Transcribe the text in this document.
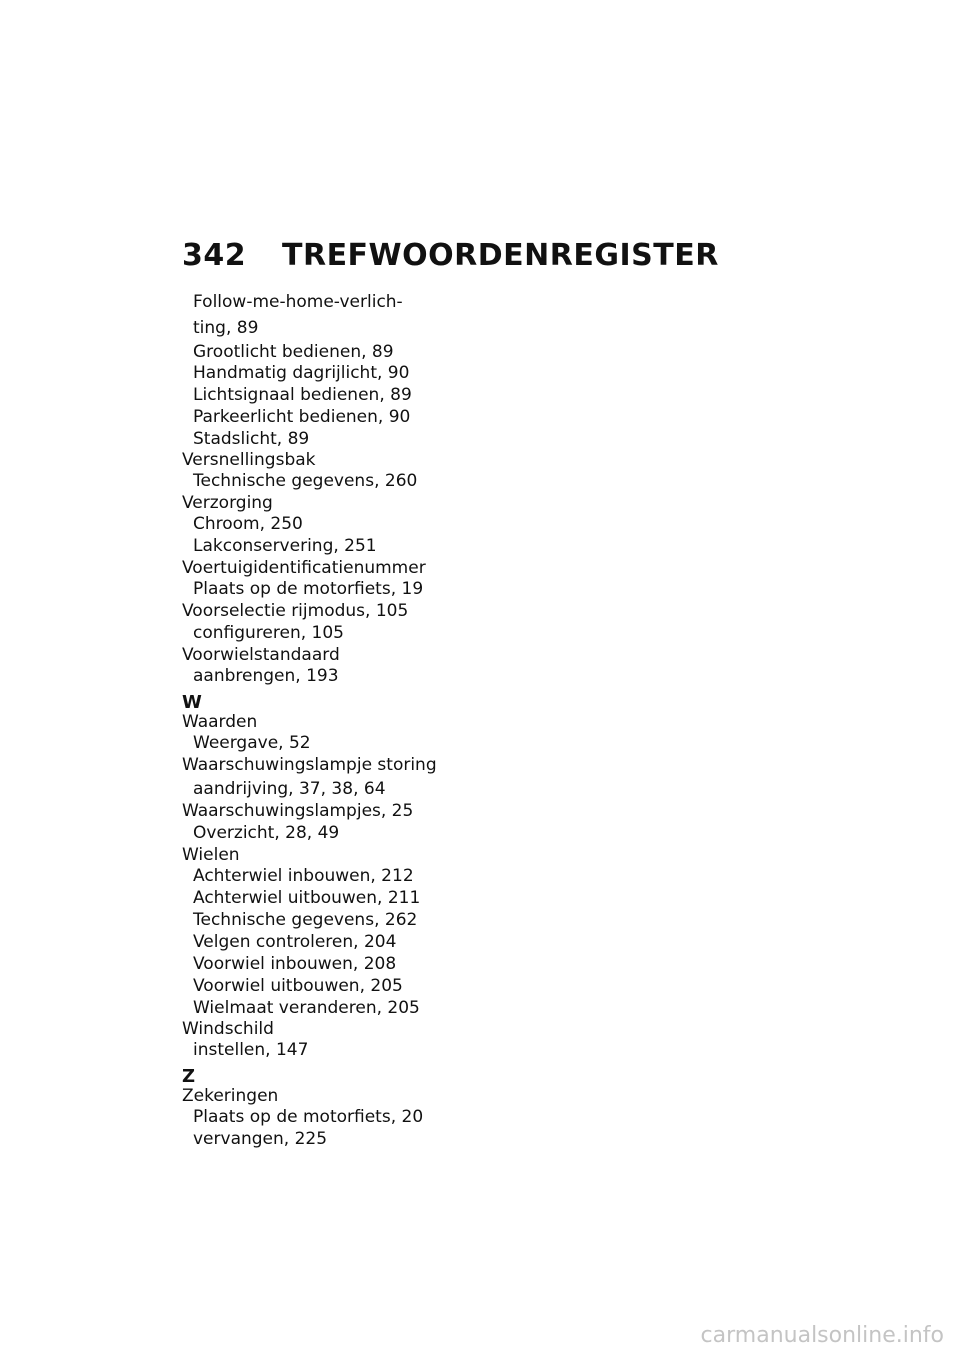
342 TREFWOORDENREGISTER
Follow-me-home-verlich-
ting, 89
Grootlicht bedienen, 89
Handmatig dagrijlicht, 90
Lichtsignaal bedienen, 89
Parkeerlicht bedienen, 90
Stadslicht, 89
Versnellingsbak
Technische gegevens, 260
Verzorging
Chroom, 250
Lakconservering, 251
Voertuigidentificatienummer
Plaats op de motorfiets, 19
Voorselectie rijmodus, 105
configureren, 105
Voorwielstandaard
aanbrengen, 193
W
Waarden
Weergave, 52
Waarschuwingslampje storing
aandrijving, 37, 38, 64
Waarschuwingslampjes, 25
Overzicht, 28, 49
Wielen
Achterwiel inbouwen, 212
Achterwiel uitbouwen, 211
Technische gegevens, 262
Velgen controleren, 204
Voorwiel inbouwen, 208
Voorwiel uitbouwen, 205
Wielmaat veranderen, 205
Windschild
instellen, 147
Z
Zekeringen
Plaats op de motorfiets, 20
vervangen, 225
carmanualsonline.info
